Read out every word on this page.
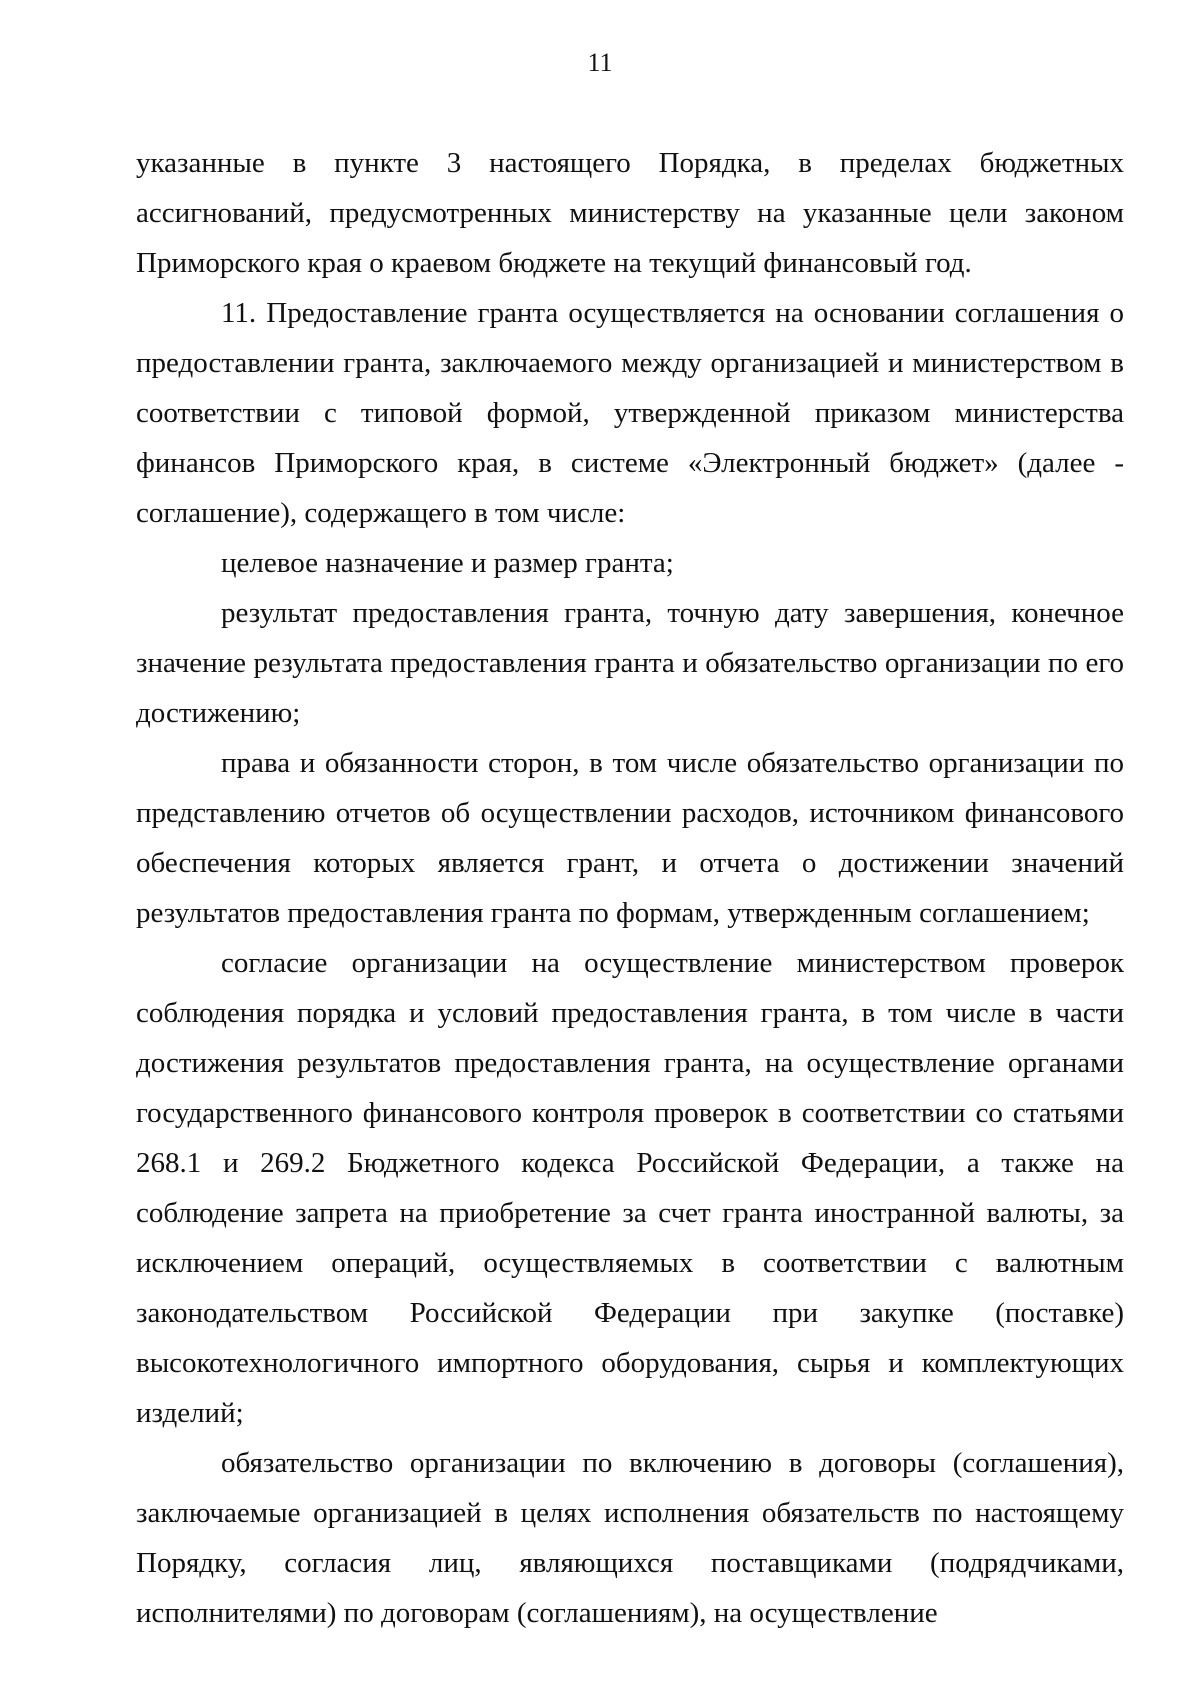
11

указанные в пункте 3 настоящего Порядка, в пределах бюджетных ассигнований, предусмотренных министерству на указанные цели законом Приморского края о краевом бюджете на текущий финансовый год.

11. Предоставление гранта осуществляется на основании соглашения о предоставлении гранта, заключаемого между организацией и министерством в соответствии с типовой формой, утвержденной приказом министерства финансов Приморского края, в системе «Электронный бюджет» (далее - соглашение), содержащего в том числе:

целевое назначение и размер гранта;

результат предоставления гранта, точную дату завершения, конечное значение результата предоставления гранта и обязательство организации по его достижению;

права и обязанности сторон, в том числе обязательство организации по представлению отчетов об осуществлении расходов, источником финансового обеспечения которых является грант, и отчета о достижении значений результатов предоставления гранта по формам, утвержденным соглашением;

согласие организации на осуществление министерством проверок соблюдения порядка и условий предоставления гранта, в том числе в части достижения результатов предоставления гранта, на осуществление органами государственного финансового контроля проверок в соответствии со статьями 268.1 и 269.2 Бюджетного кодекса Российской Федерации, а также на соблюдение запрета на приобретение за счет гранта иностранной валюты, за исключением операций, осуществляемых в соответствии с валютным законодательством Российской Федерации при закупке (поставке) высокотехнологичного импортного оборудования, сырья и комплектующих изделий;

обязательство организации по включению в договоры (соглашения), заключаемые организацией в целях исполнения обязательств по настоящему Порядку, согласия лиц, являющихся поставщиками (подрядчиками, исполнителями) по договорам (соглашениям), на осуществление
